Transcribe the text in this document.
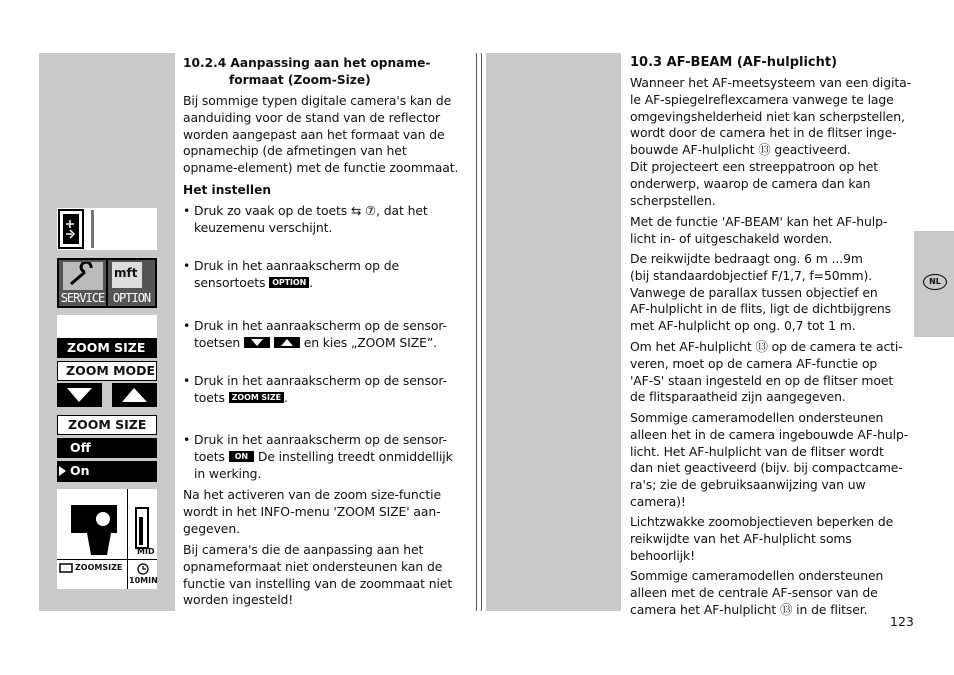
SERVICE
mft
OPTION
ZOOM SIZE
ZOOM MODE
ZOOM SIZE
Off
On
MID
ZOOMSIZE
10MIN
10.2.4 Aanpassing aan het opname-
formaat (Zoom-Size)

Bij sommige typen digitale camera's kan de

aanduiding voor de stand van de reflector

worden aangepast aan het formaat van de

opnamechip (de afmetingen van het

opname-element) met de functie zoommaat.

Het instellen

• Druk zo vaak op de toets ⇆ ⑦, dat het

keuzemenu verschijnt.

• Druk in het aanraakscherm op de

sensortoets OPTION .

• Druk in het aanraakscherm op de sensor-

toetsen
	en kies „ZOOM SIZE”.

• Druk in het aanraakscherm op de sensor-

toets ZOOM SIZE .

• Druk in het aanraakscherm op de sensor-

toets ON De instelling treedt onmiddellijk

in werking.

Na het activeren van de zoom size-functie

wordt in het INFO-menu 'ZOOM SIZE' aan-

gegeven.

Bij camera's die de aanpassing aan het

opnameformaat niet ondersteunen kan de

functie van instelling van de zoommaat niet

worden ingesteld!

10.3 AF-BEAM (AF-hulplicht)

Wanneer het AF-meetsysteem van een digita-

le AF-spiegelreflexcamera vanwege te lage

omgevingshelderheid niet kan scherpstellen,

wordt door de camera het in de flitser inge-

bouwde AF-hulplicht ⑬ geactiveerd.

Dit projecteert een streeppatroon op het

onderwerp, waarop de camera dan kan

scherpstellen.

Met de functie 'AF-BEAM' kan het AF-hulp-

licht in- of uitgeschakeld worden.

De reikwijdte bedraagt ong. 6 m ...9m

(bij standaardobjectief F/1,7, f=50mm).

Vanwege de parallax tussen objectief en

AF-hulplicht in de flits, ligt de dichtbijgrens

met AF-hulplicht op ong. 0,7 tot 1 m.

Om het AF-hulplicht ⑬ op de camera te acti-

veren, moet op de camera AF-functie op

'AF-S' staan ingesteld en op de flitser moet

de flitsparaatheid zijn aangegeven.

Sommige cameramodellen ondersteunen

alleen het in de camera ingebouwde AF-hulp-

licht. Het AF-hulplicht van de flitser wordt

dan niet geactiveerd (bijv. bij compactcame-

ra's; zie de gebruiksaanwijzing van uw

camera)!

Lichtzwakke zoomobjectieven beperken de

reikwijdte van het AF-hulplicht soms

behoorlijk!

Sommige cameramodellen ondersteunen

alleen met de centrale AF-sensor van de

camera het AF-hulplicht ⑬ in de flitser.

NL
123
